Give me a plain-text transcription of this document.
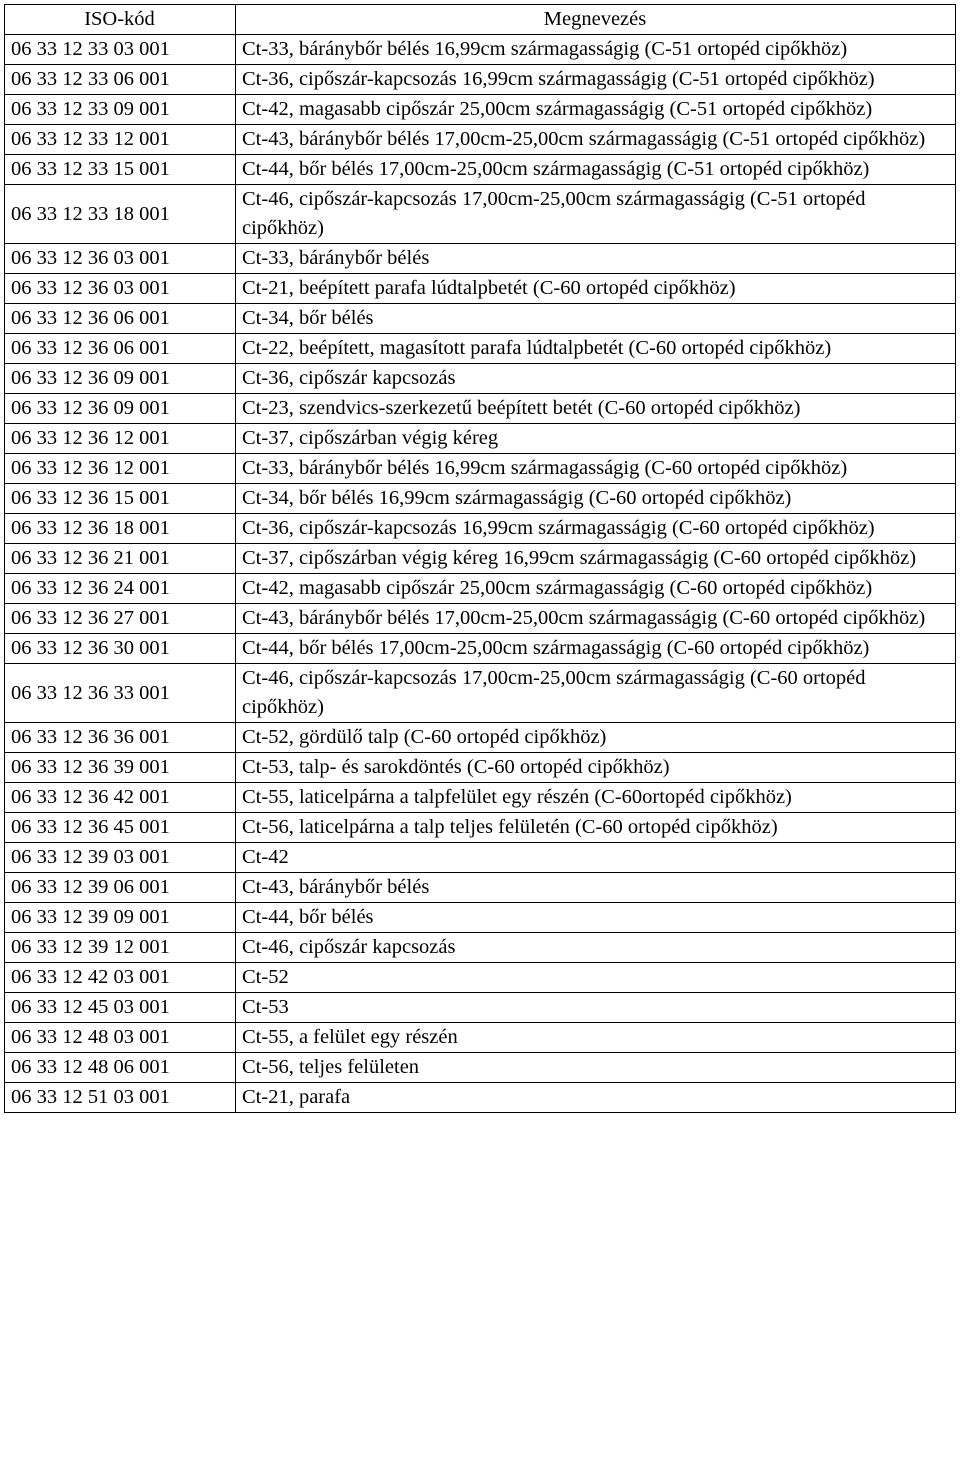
ISO-kód	Megnevezés
06 33 12 33 03 001	Ct-33, báránybőr bélés 16,99cm szármagasságig (C-51 ortopéd cipőkhöz)
06 33 12 33 06 001	Ct-36, cipőszár-kapcsozás 16,99cm szármagasságig (C-51 ortopéd cipőkhöz)
06 33 12 33 09 001	Ct-42, magasabb cipőszár 25,00cm szármagasságig (C-51 ortopéd cipőkhöz)
06 33 12 33 12 001	Ct-43, báránybőr bélés 17,00cm-25,00cm szármagasságig (C-51 ortopéd cipőkhöz)
06 33 12 33 15 001	Ct-44, bőr bélés 17,00cm-25,00cm szármagasságig (C-51 ortopéd cipőkhöz)
06 33 12 33 18 001	Ct-46, cipőszár-kapcsozás 17,00cm-25,00cm szármagasságig (C-51 ortopéd cipőkhöz)
06 33 12 36 03 001	Ct-33, báránybőr bélés
06 33 12 36 03 001	Ct-21, beépített parafa lúdtalpbetét (C-60 ortopéd cipőkhöz)
06 33 12 36 06 001	Ct-34, bőr bélés
06 33 12 36 06 001	Ct-22, beépített, magasított parafa lúdtalpbetét (C-60 ortopéd cipőkhöz)
06 33 12 36 09 001	Ct-36, cipőszár kapcsozás
06 33 12 36 09 001	Ct-23, szendvics-szerkezetű beépített betét (C-60 ortopéd cipőkhöz)
06 33 12 36 12 001	Ct-37, cipőszárban végig kéreg
06 33 12 36 12 001	Ct-33, báránybőr bélés 16,99cm szármagasságig (C-60 ortopéd cipőkhöz)
06 33 12 36 15 001	Ct-34, bőr bélés 16,99cm szármagasságig (C-60 ortopéd cipőkhöz)
06 33 12 36 18 001	Ct-36, cipőszár-kapcsozás 16,99cm szármagasságig (C-60 ortopéd cipőkhöz)
06 33 12 36 21 001	Ct-37, cipőszárban végig kéreg 16,99cm szármagasságig (C-60 ortopéd cipőkhöz)
06 33 12 36 24 001	Ct-42, magasabb cipőszár 25,00cm szármagasságig (C-60 ortopéd cipőkhöz)
06 33 12 36 27 001	Ct-43, báránybőr bélés 17,00cm-25,00cm szármagasságig (C-60 ortopéd cipőkhöz)
06 33 12 36 30 001	Ct-44, bőr bélés 17,00cm-25,00cm szármagasságig (C-60 ortopéd cipőkhöz)
06 33 12 36 33 001	Ct-46, cipőszár-kapcsozás 17,00cm-25,00cm szármagasságig (C-60 ortopéd cipőkhöz)
06 33 12 36 36 001	Ct-52, gördülő talp (C-60 ortopéd cipőkhöz)
06 33 12 36 39 001	Ct-53, talp- és sarokdöntés (C-60 ortopéd cipőkhöz)
06 33 12 36 42 001	Ct-55, laticelpárna a talpfelület egy részén (C-60ortopéd cipőkhöz)
06 33 12 36 45 001	Ct-56, laticelpárna a talp teljes felületén (C-60 ortopéd cipőkhöz)
06 33 12 39 03 001	Ct-42
06 33 12 39 06 001	Ct-43, báránybőr bélés
06 33 12 39 09 001	Ct-44, bőr bélés
06 33 12 39 12 001	Ct-46, cipőszár kapcsozás
06 33 12 42 03 001	Ct-52
06 33 12 45 03 001	Ct-53
06 33 12 48 03 001	Ct-55, a felület egy részén
06 33 12 48 06 001	Ct-56, teljes felületen
06 33 12 51 03 001	Ct-21, parafa
